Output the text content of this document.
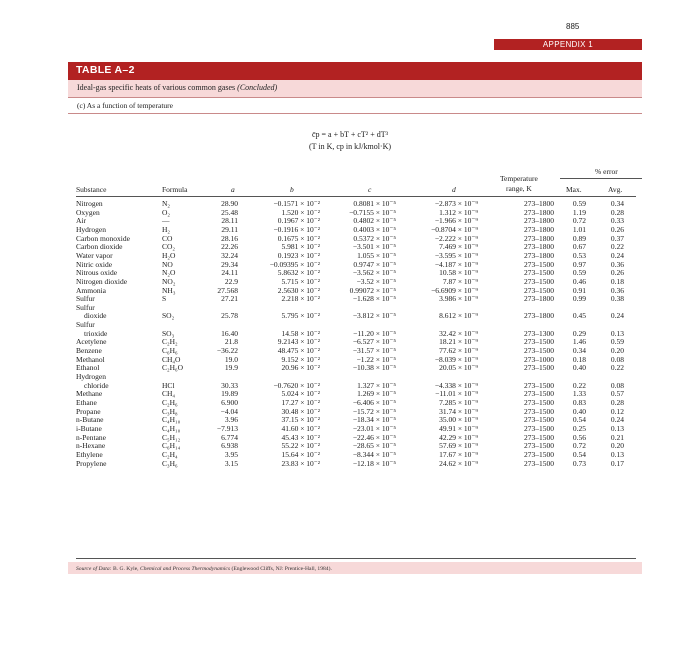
885
APPENDIX 1
TABLE A–2
Ideal-gas specific heats of various common gases (Concluded)
(c) As a function of temperature
c̄p = a + bT + cT² + dT³
(T in K, cp in kJ/kmol·K)
% error
Temperature
range, K
Substance	Formula	a	b	c	d	Max.	Avg.
Nitrogen	N₂	28.90	−0.1571 × 10⁻²	0.8081 × 10⁻⁵	−2.873 × 10⁻⁹	273–1800	0.59	0.34
Oxygen	O₂	25.48	1.520 × 10⁻²	−0.7155 × 10⁻⁵	1.312 × 10⁻⁹	273–1800	1.19	0.28
Air	—	28.11	0.1967 × 10⁻²	0.4802 × 10⁻⁵	−1.966 × 10⁻⁹	273–1800	0.72	0.33
Hydrogen	H₂	29.11	−0.1916 × 10⁻²	0.4003 × 10⁻⁵	−0.8704 × 10⁻⁹	273–1800	1.01	0.26
Carbon monoxide	CO	28.16	0.1675 × 10⁻²	0.5372 × 10⁻⁵	−2.222 × 10⁻⁹	273–1800	0.89	0.37
Carbon dioxide	CO₂	22.26	5.981 × 10⁻²	−3.501 × 10⁻⁵	7.469 × 10⁻⁹	273–1800	0.67	0.22
Water vapor	H₂O	32.24	0.1923 × 10⁻²	1.055 × 10⁻⁵	−3.595 × 10⁻⁹	273–1800	0.53	0.24
Nitric oxide	NO	29.34	−0.09395 × 10⁻²	0.9747 × 10⁻⁵	−4.187 × 10⁻⁹	273–1500	0.97	0.36
Nitrous oxide	N₂O	24.11	5.8632 × 10⁻²	−3.562 × 10⁻⁵	10.58 × 10⁻⁹	273–1500	0.59	0.26
Nitrogen dioxide	NO₂	22.9	5.715 × 10⁻²	−3.52 × 10⁻⁵	7.87 × 10⁻⁹	273–1500	0.46	0.18
Ammonia	NH₃	27.568	2.5630 × 10⁻²	0.99072 × 10⁻⁵	−6.6909 × 10⁻⁹	273–1500	0.91	0.36
Sulfur	S	27.21	2.218 × 10⁻²	−1.628 × 10⁻⁵	3.986 × 10⁻⁹	273–1800	0.99	0.38
Sulfur
dioxide	SO₂	25.78	5.795 × 10⁻²	−3.812 × 10⁻⁵	8.612 × 10⁻⁹	273–1800	0.45	0.24
Sulfur
trioxide	SO₃	16.40	14.58 × 10⁻²	−11.20 × 10⁻⁵	32.42 × 10⁻⁹	273–1300	0.29	0.13
Acetylene	C₂H₂	21.8	9.2143 × 10⁻²	−6.527 × 10⁻⁵	18.21 × 10⁻⁹	273–1500	1.46	0.59
Benzene	C₆H₆	−36.22	48.475 × 10⁻²	−31.57 × 10⁻⁵	77.62 × 10⁻⁹	273–1500	0.34	0.20
Methanol	CH₄O	19.0	9.152 × 10⁻²	−1.22 × 10⁻⁵	−8.039 × 10⁻⁹	273–1000	0.18	0.08
Ethanol	C₂H₆O	19.9	20.96 × 10⁻²	−10.38 × 10⁻⁵	20.05 × 10⁻⁹	273–1500	0.40	0.22
Hydrogen
chloride	HCl	30.33	−0.7620 × 10⁻²	1.327 × 10⁻⁵	−4.338 × 10⁻⁹	273–1500	0.22	0.08
Methane	CH₄	19.89	5.024 × 10⁻²	1.269 × 10⁻⁵	−11.01 × 10⁻⁹	273–1500	1.33	0.57
Ethane	C₂H₆	6.900	17.27 × 10⁻²	−6.406 × 10⁻⁵	7.285 × 10⁻⁹	273–1500	0.83	0.28
Propane	C₃H₈	−4.04	30.48 × 10⁻²	−15.72 × 10⁻⁵	31.74 × 10⁻⁹	273–1500	0.40	0.12
n-Butane	C₄H₁₀	3.96	37.15 × 10⁻²	−18.34 × 10⁻⁵	35.00 × 10⁻⁹	273–1500	0.54	0.24
i-Butane	C₄H₁₀	−7.913	41.60 × 10⁻²	−23.01 × 10⁻⁵	49.91 × 10⁻⁹	273–1500	0.25	0.13
n-Pentane	C₅H₁₂	6.774	45.43 × 10⁻²	−22.46 × 10⁻⁵	42.29 × 10⁻⁹	273–1500	0.56	0.21
n-Hexane	C₆H₁₄	6.938	55.22 × 10⁻²	−28.65 × 10⁻⁵	57.69 × 10⁻⁹	273–1500	0.72	0.20
Ethylene	C₂H₄	3.95	15.64 × 10⁻²	−8.344 × 10⁻⁵	17.67 × 10⁻⁹	273–1500	0.54	0.13
Propylene	C₃H₆	3.15	23.83 × 10⁻²	−12.18 × 10⁻⁵	24.62 × 10⁻⁹	273–1500	0.73	0.17
Source of Data: B. G. Kyle, Chemical and Process Thermodynamics (Englewood Cliffs, NJ: Prentice-Hall, 1984).
